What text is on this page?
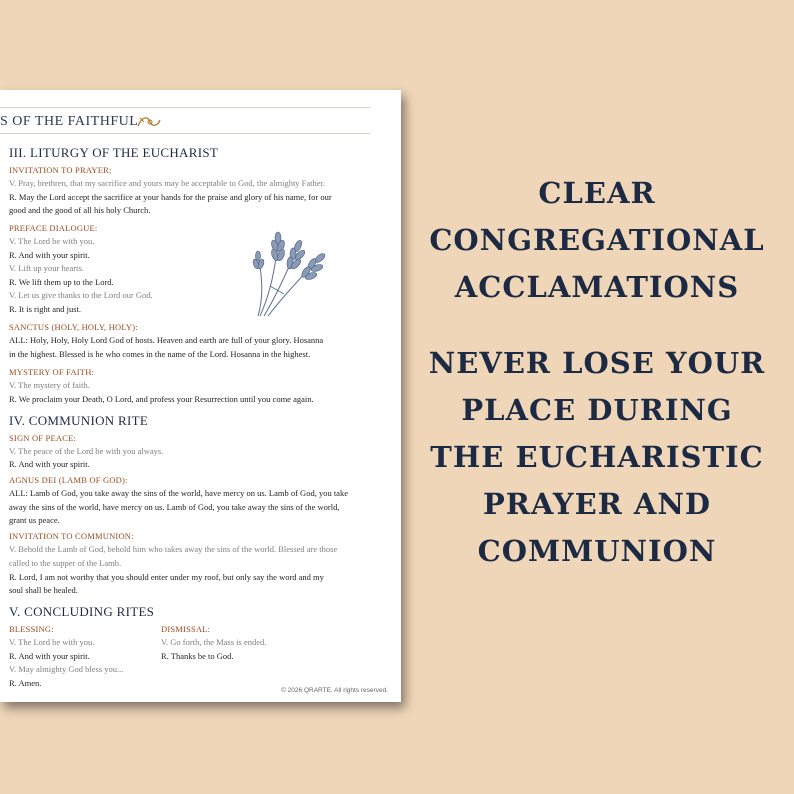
S OF THE FAITHFUL
III. LITURGY OF THE EUCHARIST
INVITATION TO PRAYER:
V. Pray, brethren, that my sacrifice and yours may be acceptable to God, the almighty Father.
R. May the Lord accept the sacrifice at your hands for the praise and glory of his name, for our
good and the good of all his holy Church.
PREFACE DIALOGUE:
V. The Lord be with you.
R. And with your spirit.
V. Lift up your hearts.
R. We lift them up to the Lord.
V. Let us give thanks to the Lord our God.
R. It is right and just.
SANCTUS (HOLY, HOLY, HOLY):
ALL: Holy, Holy, Holy Lord God of hosts. Heaven and earth are full of your glory. Hosanna
in the highest. Blessed is he who comes in the name of the Lord. Hosanna in the highest.
MYSTERY OF FAITH:
V. The mystery of faith.
R. We proclaim your Death, O Lord, and profess your Resurrection until you come again.
IV. COMMUNION RITE
SIGN OF PEACE:
V. The peace of the Lord be with you always.
R. And with your spirit.
AGNUS DEI (LAMB OF GOD):
ALL: Lamb of God, you take away the sins of the world, have mercy on us. Lamb of God, you take
away the sins of the world, have mercy on us. Lamb of God, you take away the sins of the world,
grant us peace.
INVITATION TO COMMUNION:
V. Behold the Lamb of God, behold him who takes away the sins of the world. Blessed are those
called to the supper of the Lamb.
R. Lord, I am not worthy that you should enter under my roof, but only say the word and my
soul shall be healed.
V. CONCLUDING RITES
BLESSING:
V. The Lord be with you.
R. And with your spirit.
V. May almighty God bless you...
R. Amen.
DISMISSAL:
V. Go forth, the Mass is ended.
R. Thanks be to God.
© 2026 QRARTE. All rights reserved.
CLEAR
CONGREGATIONAL
ACCLAMATIONS
NEVER LOSE YOUR
PLACE DURING
THE EUCHARISTIC
PRAYER AND
COMMUNION
